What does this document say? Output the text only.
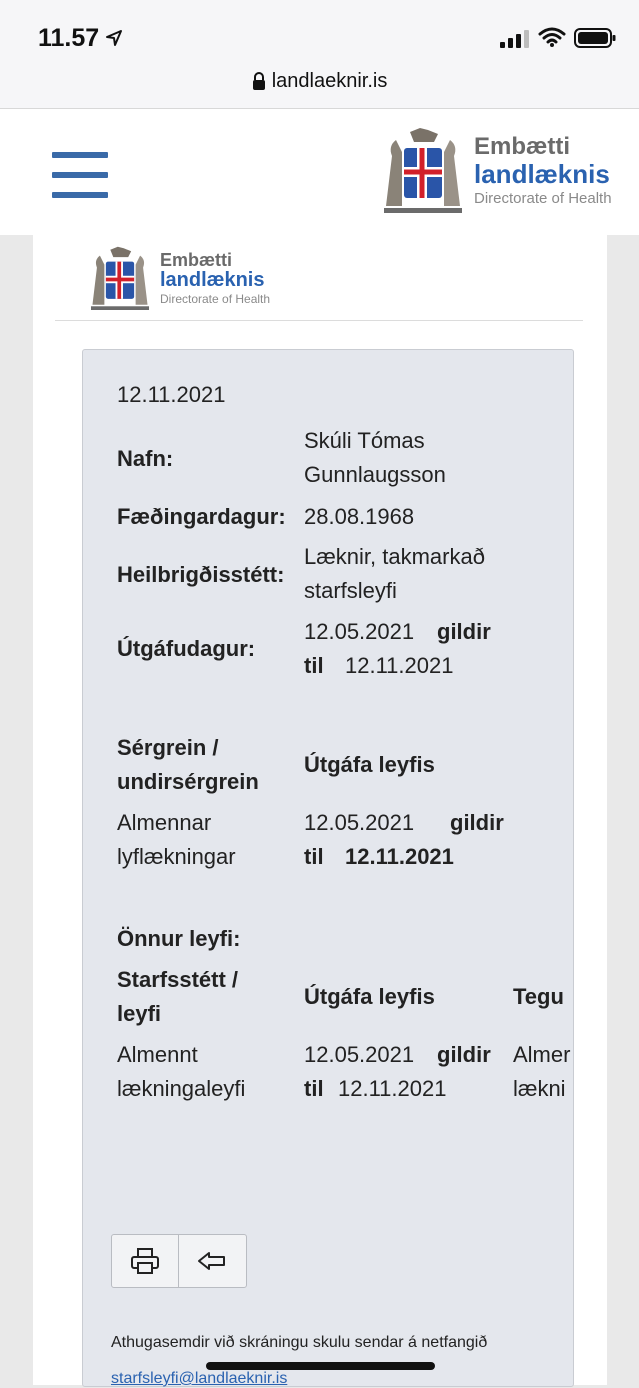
11.57
landlaeknir.is
Embætti
landlæknis
Directorate of Health
Embætti
landlæknis
Directorate of Health
12.11.2021
Nafn:
Skúli Tómas
Gunnlaugsson
Fæðingardagur: 28.08.1968
Heilbrigðisstétt:
Læknir, takmarkað
starfsleyfi
Útgáfudagur:
12.05.2021 gildir
til 12.11.2021
Sérgrein /
undirsérgrein
Útgáfa leyfis
Almennar
lyflækningar
12.05.2021 gildir
til 12.11.2021
Önnur leyfi:
Starfsstétt /
leyfi
Útgáfa leyfis	Tegu
Almennt
lækningaleyfi
12.05.2021 gildir
til 12.11.2021
Almer
lækni
Athugasemdir við skráningu skulu sendar á netfangið
starfsleyfi@landlaeknir.is
